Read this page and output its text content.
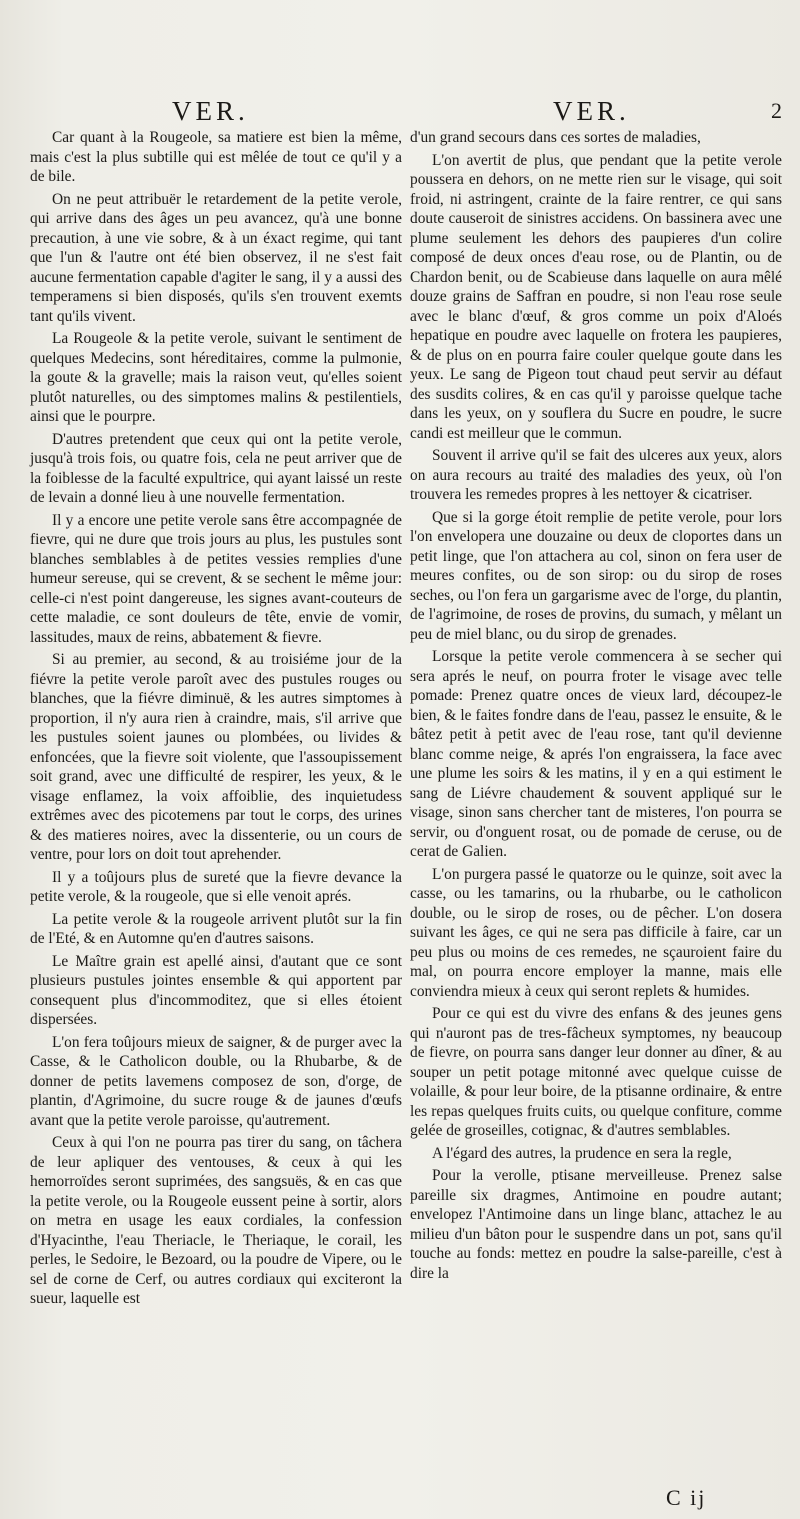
VER.	VER.	2

Car quant à la Rougeole, sa matiere est bien la même, mais c'est la plus subtille qui est mêlée de tout ce qu'il y a de bile.

On ne peut attribuër le retardement de la petite verole, qui arrive dans des âges un peu avancez, qu'à une bonne precaution, à une vie sobre, & à un éxact regime, qui tant que l'un & l'autre ont été bien observez, il ne s'est fait aucune fermentation capable d'agiter le sang, il y a aussi des temperamens si bien disposés, qu'ils s'en trouvent exemts tant qu'ils vivent.

La Rougeole & la petite verole, suivant le sentiment de quelques Medecins, sont héreditaires, comme la pulmonie, la goute & la gravelle; mais la raison veut, qu'elles soient plutôt naturelles, ou des simptomes malins & pestilentiels, ainsi que le pourpre.

D'autres pretendent que ceux qui ont la petite verole, jusqu'à trois fois, ou quatre fois, cela ne peut arriver que de la foiblesse de la faculté expultrice, qui ayant laissé un reste de levain a donné lieu à une nouvelle fermentation.

Il y a encore une petite verole sans être accompagnée de fievre, qui ne dure que trois jours au plus, les pustules sont blanches semblables à de petites vessies remplies d'une humeur sereuse, qui se crevent, & se sechent le même jour: celle-ci n'est point dangereuse, les signes avant-couteurs de cette maladie, ce sont douleurs de tête, envie de vomir, lassitudes, maux de reins, abbatement & fievre.

Si au premier, au second, & au troisiéme jour de la fiévre la petite verole paroît avec des pustules rouges ou blanches, que la fiévre diminuë, & les autres simptomes à proportion, il n'y aura rien à craindre, mais, s'il arrive que les pustules soient jaunes ou plombées, ou livides & enfoncées, que la fievre soit violente, que l'assoupissement soit grand, avec une difficulté de respirer, les yeux, & le visage enflamez, la voix affoiblie, des inquietudess extrêmes avec des picotemens par tout le corps, des urines & des matieres noires, avec la dissenterie, ou un cours de ventre, pour lors on doit tout aprehender.

Il y a toûjours plus de sureté que la fievre devance la petite verole, & la rougeole, que si elle venoit aprés.

La petite verole & la rougeole arrivent plutôt sur la fin de l'Eté, & en Automne qu'en d'autres saisons.

Le Maître grain est apellé ainsi, d'autant que ce sont plusieurs pustules jointes ensemble & qui apportent par consequent plus d'incommoditez, que si elles étoient dispersées.

L'on fera toûjours mieux de saigner, & de purger avec la Casse, & le Catholicon double, ou la Rhubarbe, & de donner de petits lavemens composez de son, d'orge, de plantin, d'Agrimoine, du sucre rouge & de jaunes d'œufs avant que la petite verole paroisse, qu'autrement.

Ceux à qui l'on ne pourra pas tirer du sang, on tâchera de leur apliquer des ventouses, & ceux à qui les hemorroïdes seront suprimées, des sangsuës, & en cas que la petite verole, ou la Rougeole eussent peine à sortir, alors on metra en usage les eaux cordiales, la confession d'Hyacinthe, l'eau Theriacle, le Theriaque, le corail, les perles, le Sedoire, le Bezoard, ou la poudre de Vipere, ou le sel de corne de Cerf, ou autres cordiaux qui exciteront la sueur, laquelle est

d'un grand secours dans ces sortes de maladies,

L'on avertit de plus, que pendant que la petite verole poussera en dehors, on ne mette rien sur le visage, qui soit froid, ni astringent, crainte de la faire rentrer, ce qui sans doute causeroit de sinistres accidens. On bassinera avec une plume seulement les dehors des paupieres d'un colire composé de deux onces d'eau rose, ou de Plantin, ou de Chardon benit, ou de Scabieuse dans laquelle on aura mêlé douze grains de Saffran en poudre, si non l'eau rose seule avec le blanc d'œuf, & gros comme un poix d'Aloés hepatique en poudre avec laquelle on frotera les paupieres, & de plus on en pourra faire couler quelque goute dans les yeux. Le sang de Pigeon tout chaud peut servir au défaut des susdits colires, & en cas qu'il y paroisse quelque tache dans les yeux, on y souflera du Sucre en poudre, le sucre candi est meilleur que le commun.

Souvent il arrive qu'il se fait des ulceres aux yeux, alors on aura recours au traité des maladies des yeux, où l'on trouvera les remedes propres à les nettoyer & cicatriser.

Que si la gorge étoit remplie de petite verole, pour lors l'on envelopera une douzaine ou deux de cloportes dans un petit linge, que l'on attachera au col, sinon on fera user de meures confites, ou de son sirop: ou du sirop de roses seches, ou l'on fera un gargarisme avec de l'orge, du plantin, de l'agrimoine, de roses de provins, du sumach, y mêlant un peu de miel blanc, ou du sirop de grenades.

Lorsque la petite verole commencera à se secher qui sera aprés le neuf, on pourra froter le visage avec telle pomade: Prenez quatre onces de vieux lard, découpez-le bien, & le faites fondre dans de l'eau, passez le ensuite, & le bâtez petit à petit avec de l'eau rose, tant qu'il devienne blanc comme neige, & aprés l'on engraissera, la face avec une plume les soirs & les matins, il y en a qui estiment le sang de Liévre chaudement & souvent appliqué sur le visage, sinon sans chercher tant de misteres, l'on pourra se servir, ou d'onguent rosat, ou de pomade de ceruse, ou de cerat de Galien.

L'on purgera passé le quatorze ou le quinze, soit avec la casse, ou les tamarins, ou la rhubarbe, ou le catholicon double, ou le sirop de roses, ou de pêcher. L'on dosera suivant les âges, ce qui ne sera pas difficile à faire, car un peu plus ou moins de ces remedes, ne sçauroient faire du mal, on pourra encore employer la manne, mais elle conviendra mieux à ceux qui seront replets & humides.

Pour ce qui est du vivre des enfans & des jeunes gens qui n'auront pas de tres-fâcheux symptomes, ny beaucoup de fievre, on pourra sans danger leur donner au dîner, & au souper un petit potage mitonné avec quelque cuisse de volaille, & pour leur boire, de la ptisanne ordinaire, & entre les repas quelques fruits cuits, ou quelque confiture, comme gelée de groseilles, cotignac, & d'autres semblables.

A l'égard des autres, la prudence en sera la regle,

Pour la verolle, ptisane merveilleuse. Prenez salse pareille six dragmes, Antimoine en poudre autant; envelopez l'Antimoine dans un linge blanc, attachez le au milieu d'un bâton pour le suspendre dans un pot, sans qu'il touche au fonds: mettez en poudre la salse-pareille, c'est à dire la

C ij
